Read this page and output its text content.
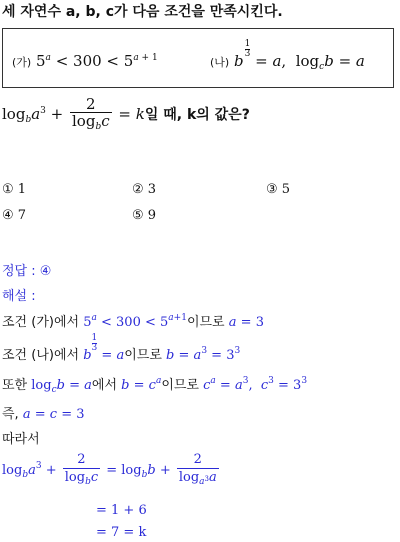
세 자연수 a, b, c가 다음 조건을 만족시킨다.
(가) $5^a < 300 < 5^{a + 1}$	$_{(나)}$ b
$\frac{1}{3}$
= a,  $\log_cb = a$
$\log_ba^3 + \frac{2}{\log_bc} = k$일 때, k의 값은?
① 1	② 3	③ 5
④ 7	⑤ 9
정답 : ④
해설 :
조건 (가)에서 $5^a < 300 < 5^{a+1}$이므로 a = 3
조건 (나)에서 b
$\frac{1}{3}$
= a이므로 $b = a^3 = 3^3$
또한 $\log_cb = a$에서 $b = c^a$이므로 $c^a = a^3$,  $c^3 = 3^3$
즉, a = c = 3
따라서
$\log_ba^3 + \frac{2}{\log_bc} = \log_bb + \frac{2}{\log_{a^3}a}$
= 1 + 6
= 7 = k
